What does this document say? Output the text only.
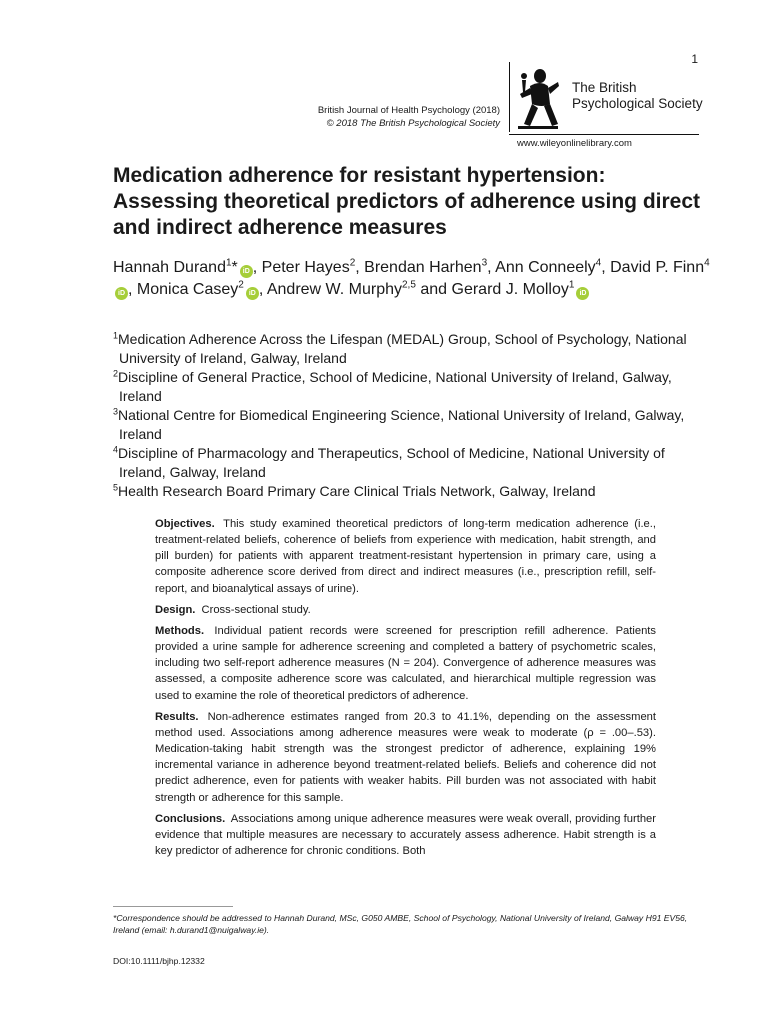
1
British Journal of Health Psychology (2018)
© 2018 The British Psychological Society
The British
Psychological Society
www.wileyonlinelibrary.com
Medication adherence for resistant hypertension: Assessing theoretical predictors of adherence using direct and indirect adherence measures

Hannah Durand$^1$* iD , Peter Hayes$^2$, Brendan Harhen$^3$, Ann Conneely$^4$, David P. Finn$^4$iD , Monica Casey$^2$iD , Andrew W. Murphy$^{2,5}$ and Gerard J. Molloy$^1$iD

$^1$Medication Adherence Across the Lifespan (MEDAL) Group, School of Psychology, National University of Ireland, Galway, Ireland
$^2$Discipline of General Practice, School of Medicine, National University of Ireland, Galway, Ireland
$^3$National Centre for Biomedical Engineering Science, National University of Ireland, Galway, Ireland
$^4$Discipline of Pharmacology and Therapeutics, School of Medicine, National University of Ireland, Galway, Ireland
$^5$Health Research Board Primary Care Clinical Trials Network, Galway, Ireland

Objectives. This study examined theoretical predictors of long-term medication adherence (i.e., treatment-related beliefs, coherence of beliefs from experience with medication, habit strength, and pill burden) for patients with apparent treatment-resistant hypertension in primary care, using a composite adherence score derived from direct and indirect measures (i.e., prescription refill, self-report, and bioanalytical assays of urine).

Design. Cross-sectional study.

Methods. Individual patient records were screened for prescription refill adherence. Patients provided a urine sample for adherence screening and completed a battery of psychometric scales, including two self-report adherence measures (N = 204). Convergence of adherence measures was assessed, a composite adherence score was calculated, and hierarchical multiple regression was used to examine the role of theoretical predictors of adherence.

Results. Non-adherence estimates ranged from 20.3 to 41.1%, depending on the assessment method used. Associations among adherence measures were weak to moderate (ρ = .00–.53). Medication-taking habit strength was the strongest predictor of adherence, explaining 19% incremental variance in adherence beyond treatment-related beliefs. Beliefs and coherence did not predict adherence, even for patients with weaker habits. Pill burden was not associated with habit strength or adherence for this sample.

Conclusions. Associations among unique adherence measures were weak overall, providing further evidence that multiple measures are necessary to accurately assess adherence. Habit strength is a key predictor of adherence for chronic conditions. Both

*Correspondence should be addressed to Hannah Durand, MSc, G050 AMBE, School of Psychology, National University of Ireland, Galway H91 EV56, Ireland (email: h.durand1@nuigalway.ie).
DOI:10.1111/bjhp.12332
